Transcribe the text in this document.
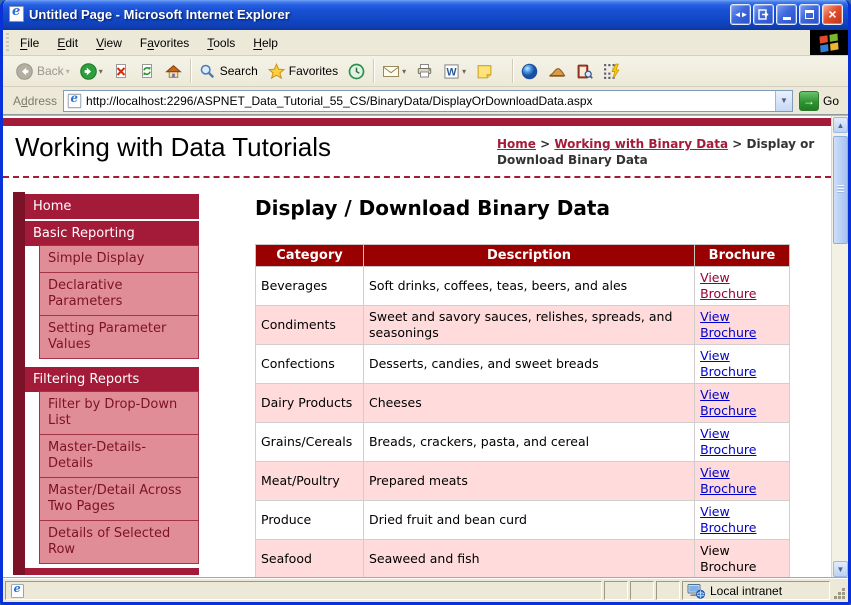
e
Untitled Page - Microsoft Internet Explorer	◄►	×
File	Edit	View	Favorites	Tools	Help
Back ▾	▾	Search	Favorites	▾	W ▾
Address e	http://localhost:2296/ASPNET_Data_Tutorial_55_CS/BinaryData/DisplayOrDownloadData.aspx	▼	→ Go
Working with Data Tutorials	Home > Working with Binary Data > Display or Download Binary Data
Home
Basic Reporting
Simple Display
Declarative Parameters
Setting Parameter Values
Filtering Reports
Filter by Drop-Down List
Master-Details-Details
Master/Detail Across Two Pages
Details of Selected Row
Display / Download Binary Data
Category	Description	Brochure
Beverages	Soft drinks, coffees, teas, beers, and ales	View Brochure
Condiments	Sweet and savory sauces, relishes, spreads, and seasonings	View Brochure
Confections	Desserts, candies, and sweet breads	View Brochure
Dairy Products	Cheeses	View Brochure
Grains/Cereals	Breads, crackers, pasta, and cereal	View Brochure
Meat/Poultry	Prepared meats	View Brochure
Produce	Dried fruit and bean curd	View Brochure
Seafood	Seaweed and fish	View Brochure
▲
▼
e
Local intranet
